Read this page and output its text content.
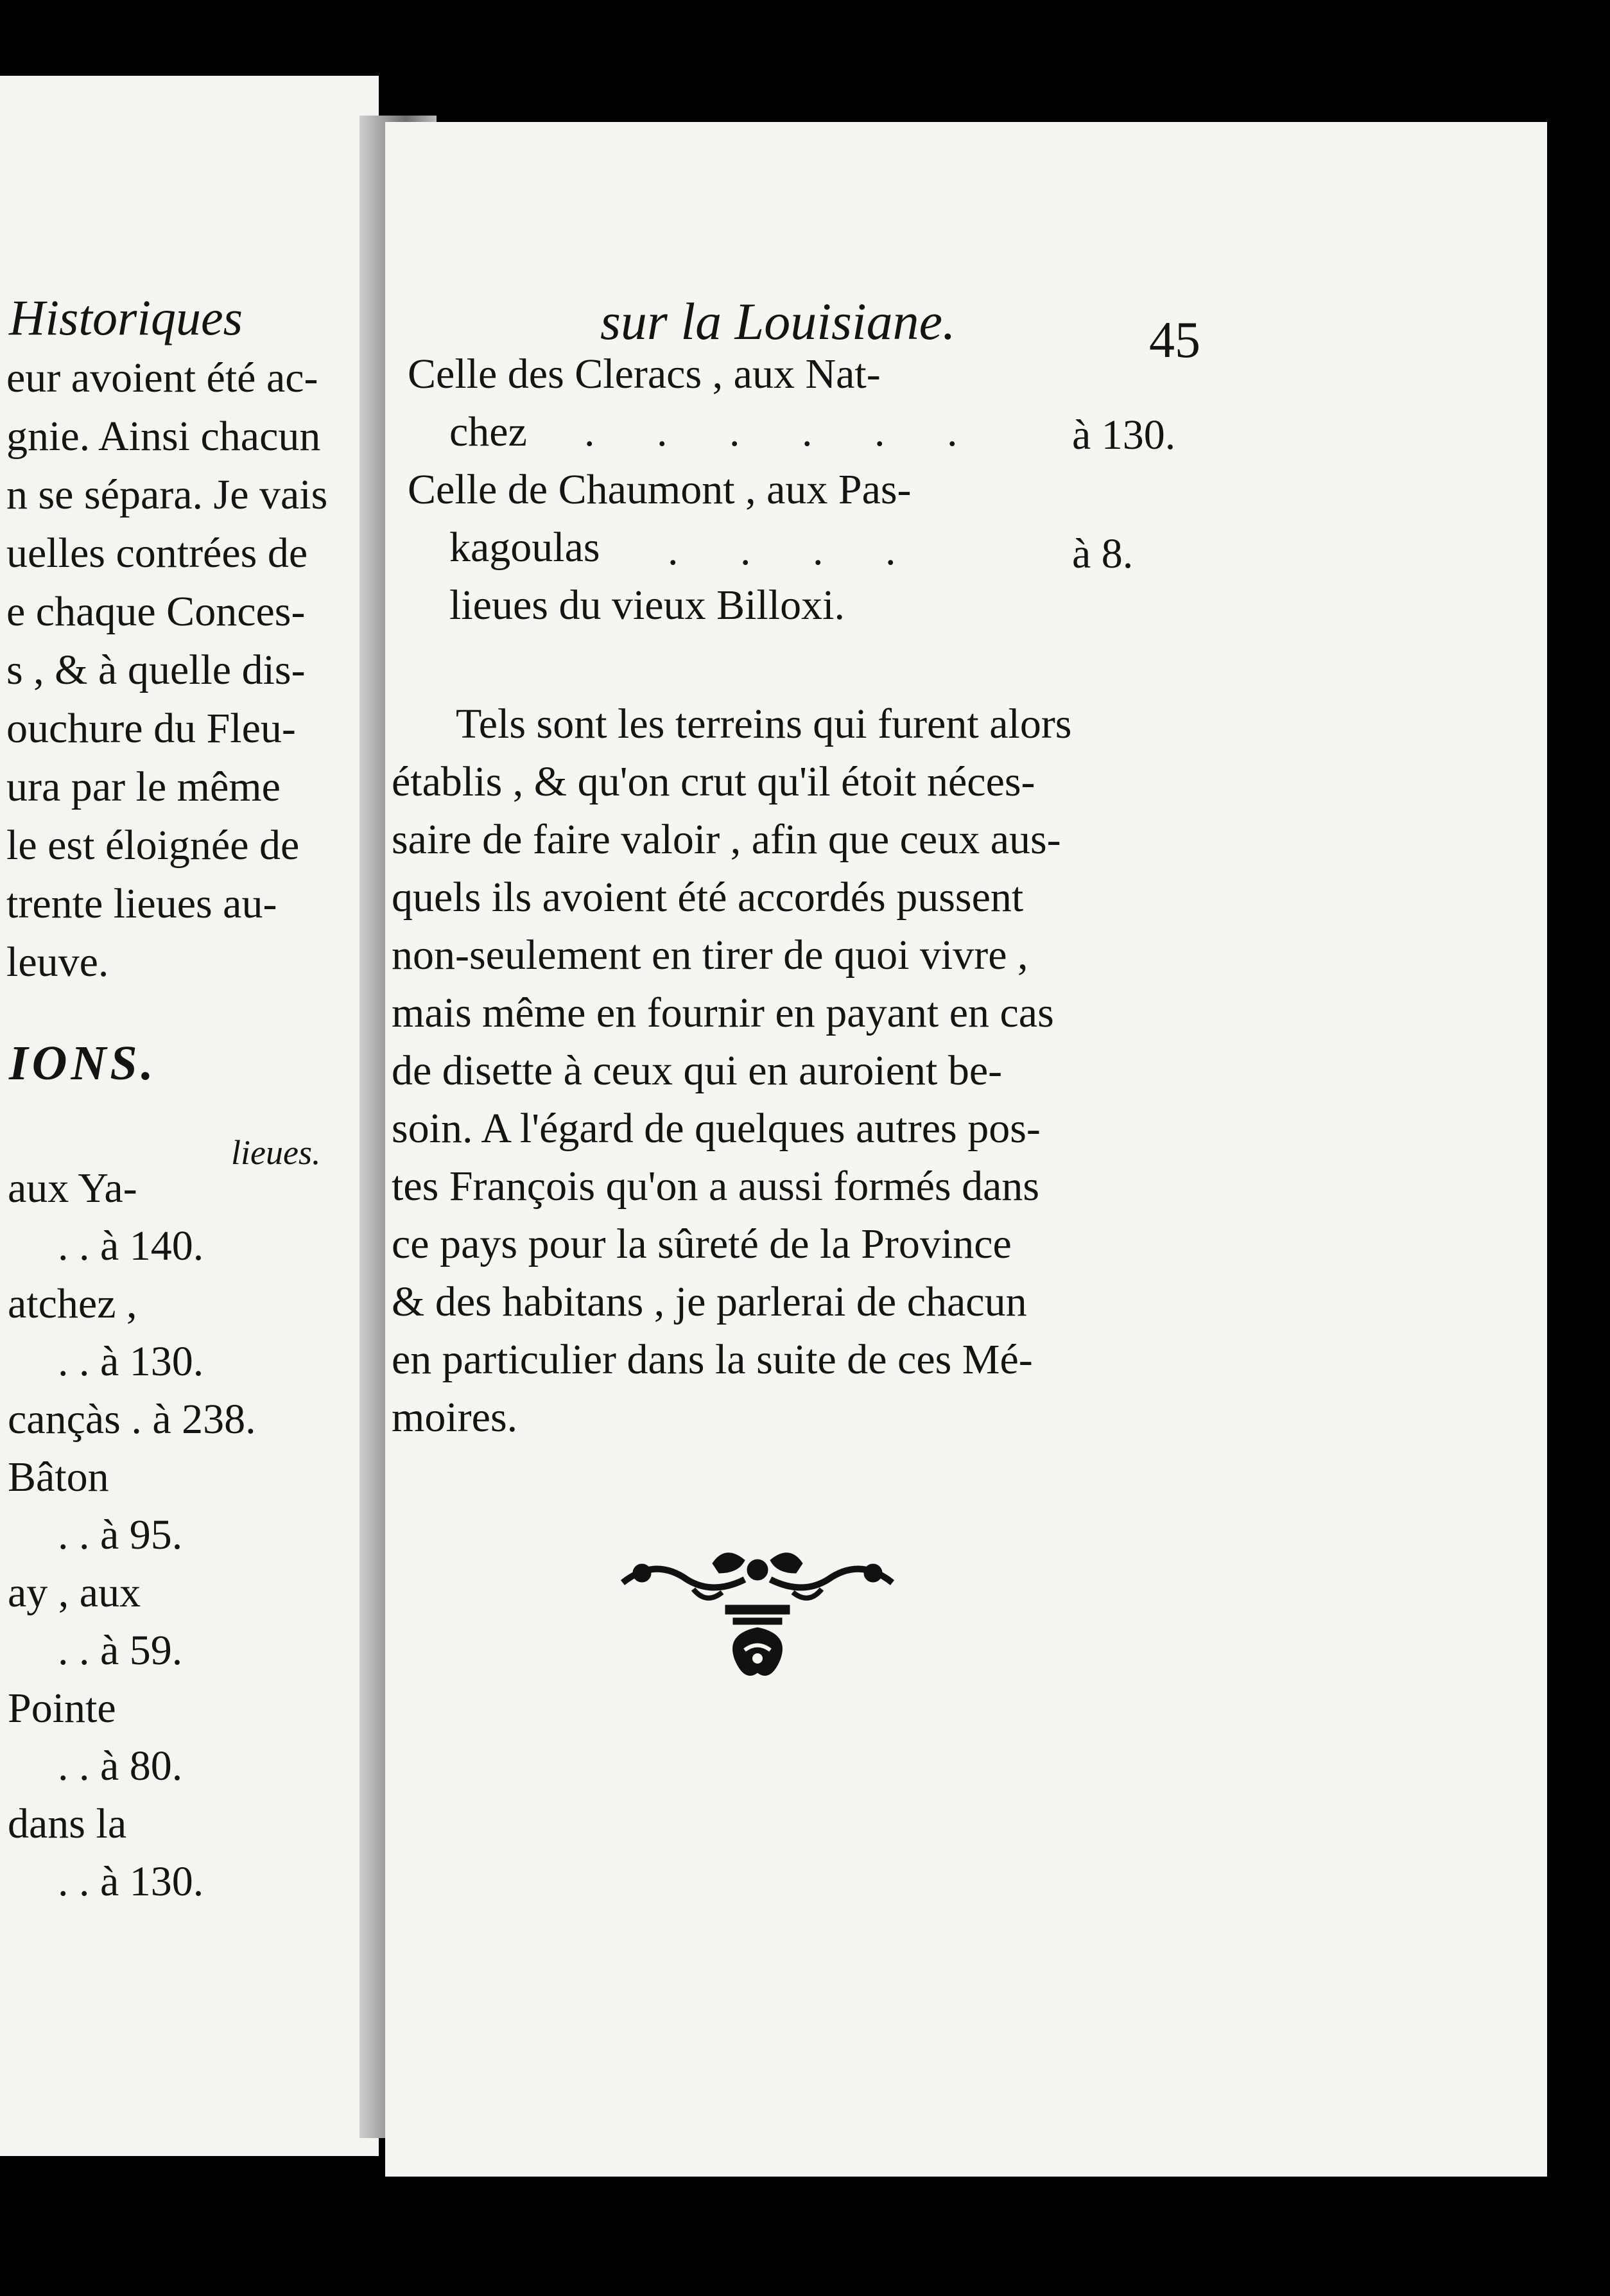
Historiques
eur avoient été ac-
gnie. Ainsi chacun
n se sépara. Je vais
uelles contrées de
e chaque Conces-
s , & à quelle dis-
ouchure du Fleu-
ura par le même
le est éloignée de
trente lieues au-
leuve.
IONS.
lieues.
aux Ya-
. . à 140.
atchez ,
. . à 130.
cançàs . à 238.
Bâton
. . à 95.
ay , aux
. . à 59.
Pointe
. . à 80.
dans la
. . à 130.
sur la Louisiane.	45
Celle des Cleracs , aux Nat-
chez . . . . . . à 130.
Celle de Chaumont , aux Pas-
kagoulas . . . .	à 8.
lieues du vieux Billoxi.
Tels sont les terreins qui furent alors
établis , & qu'on crut qu'il étoit néces-
saire de faire valoir , afin que ceux aus-
quels ils avoient été accordés pussent
non-seulement en tirer de quoi vivre ,
mais même en fournir en payant en cas
de disette à ceux qui en auroient be-
soin. A l'égard de quelques autres pos-
tes François qu'on a aussi formés dans
ce pays pour la sûreté de la Province
& des habitans , je parlerai de chacun
en particulier dans la suite de ces Mé-
moires.
